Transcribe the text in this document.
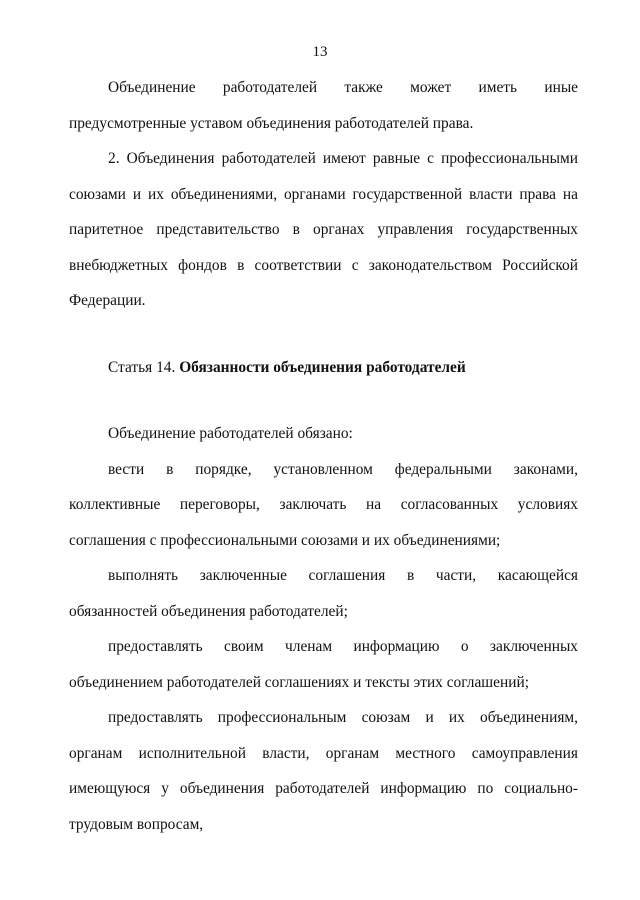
13

Объединение работодателей также может иметь иные предусмотренные уставом объединения работодателей права.

2. Объединения работодателей имеют равные с профессиональными союзами и их объединениями, органами государственной власти права на паритетное представительство в органах управления государственных внебюджетных фондов в соответствии с законодательством Российской Федерации.

Статья 14. Обязанности объединения работодателей

Объединение работодателей обязано:

вести в порядке, установленном федеральными законами, коллективные переговоры, заключать на согласованных условиях соглашения с профессиональными союзами и их объединениями;

выполнять заключенные соглашения в части, касающейся обязанностей объединения работодателей;

предоставлять своим членам информацию о заключенных объединением работодателей соглашениях и тексты этих соглашений;

предоставлять профессиональным союзам и их объединениям, органам исполнительной власти, органам местного самоуправления имеющуюся у объединения работодателей информацию по социально-трудовым вопросам,
